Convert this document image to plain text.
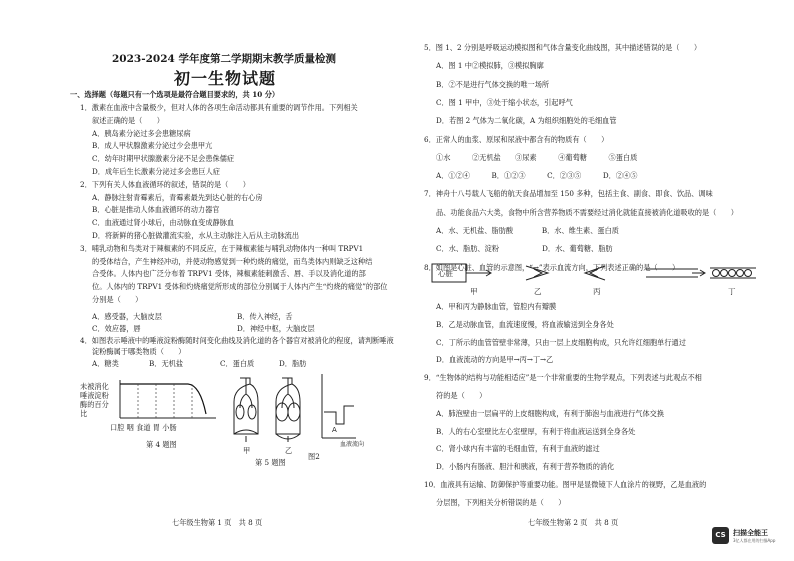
2023-2024 学年度第二学期期末教学质量检测
初一生物试题
一、选择题（每题只有一个选项是最符合题目要求的，共 10 分）
1．激素在血液中含量极少，但对人体的各项生命活动都具有重要的调节作用。下列相关
叙述正确的是（　　）
A．胰岛素分泌过多会患糖尿病
B．成人甲状腺激素分泌过少会患甲亢
C．幼年时期甲状腺激素分泌不足会患侏儒症
D．成年后生长激素分泌过多会患巨人症
2．下列有关人体血液循环的叙述，错误的是（　　）
A．静脉注射青霉素后，青霉素最先到达心脏的右心房
B．心脏是推动人体血液循环的动力器官
C．血液通过肾小球后，由动脉血变成静脉血
D．将新鲜的猪心脏做灌流实验，水从主动脉注入后从主动脉流出
3．哺乳动物和鸟类对于辣椒素的不同反应，在于辣椒素能与哺乳动物体内一种叫 TRPV1
的受体结合，产生神经冲动，并使动物感觉到一种灼烧的痛觉，而鸟类体内则缺乏这种结
合受体。人体内也广泛分布着 TRPV1 受体，辣椒素能刺激舌、唇、手以及消化道的部
位。人体内的 TRPV1 受体和灼烧痛觉所形成的部位分别属于人体内产生“灼烧的痛觉”的部位
分别是（　　）
A．感受器，大脑皮层	B．传入神经，舌
C．效应器，唇	D．神经中枢，大脑皮层
4．如图表示唾液中的唾液淀粉酶随时间变化曲线及消化道的各个器官对被消化的程度，请判断唾液
淀粉酶属于哪类物质（　　）
A．糖类	B．无机盐	C．蛋白质	D．脂肪
未被消化
唾液淀粉
酶的百分
比
口腔 咽 食道 胃 小肠
第 4 题图
A
甲	乙
血液流向
图2
第 5 题图
七年级生物第 1 页　共 8 页
5．图 1、2 分别是呼吸运动模拟图和气体含量变化曲线图，其中描述错误的是（　　）
A．图 1 中②模拟肺，③模拟胸廓
B．②不是进行气体交换的唯一场所
C．图 1 甲中，③处于缩小状态，引起呼气
D．若图 2 气体为二氧化碳，A 为组织细胞处的毛细血管
6．正常人的血浆、原尿和尿液中都含有的物质有（　　）
①水　　　②无机盐　　③尿素　　　④葡萄糖　　　⑤蛋白质
A．①②④　　　B．①②③　　　C．②③⑤　　　D．②④⑤
7．神舟十八号载人飞船的航天食品增加至 150 多种，包括主食、副食、即食、饮品、调味
品、功能食品六大类，食物中所含营养物质不需要经过消化就能直接被消化道吸收的是（　　）
A．水、无机盐、脂肪酸　　　　B．水、维生素、蛋白质
C．水、脂肪、淀粉　　　　　　D．水、葡萄糖、脂肪
8．如图是心脏、血管的示意图，“→”表示血流方向，下列表述正确的是（　　）
心脏
甲	乙	丙	丁
A．甲和丙为静脉血管，管腔内有瓣膜
B．乙是动脉血管，血流速度慢，将血液输送到全身各处
C．丁所示的血管管壁非常薄，只由一层上皮细胞构成，只允许红细胞单行通过
D．血液流动的方向是甲→丙→丁→乙
9．“生物体的结构与功能相适应”是一个非常重要的生物学观点，下列表述与此观点不相
符的是（　　）
A．肺泡壁由一层扁平的上皮细胞构成，有利于肺泡与血液进行气体交换
B．人的右心室壁比左心室壁厚，有利于将血液运送到全身各处
C．肾小球内有丰富的毛细血管，有利于血液的滤过
D．小肠内有肠液、胆汁和胰液，有利于营养物质的消化
10．血液具有运输、防御保护等重要功能。图甲是显微镜下人血涂片的视野，乙是血液的
分层图，下列相关分析错误的是（　　）
七年级生物第 2 页　共 8 页
CS	扫描全能王
3亿人都在用的扫描App
